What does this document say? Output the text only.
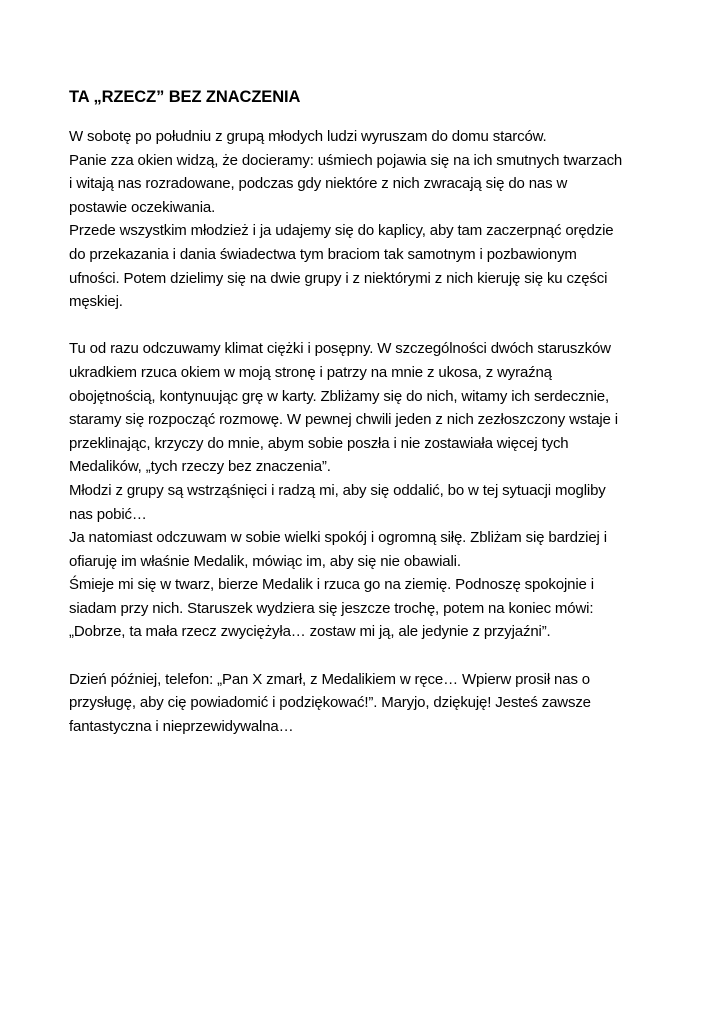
TA „RZECZ” BEZ ZNACZENIA
W sobotę po południu z grupą młodych ludzi wyruszam do domu starców.
Panie zza okien widzą, że docieramy: uśmiech pojawia się na ich smutnych twarzach
i witają nas rozradowane, podczas gdy niektóre z nich zwracają się do nas w
postawie oczekiwania.
Przede wszystkim młodzież i ja udajemy się do kaplicy, aby tam zaczerpnąć orędzie
do przekazania i dania świadectwa tym braciom tak samotnym i pozbawionym
ufności. Potem dzielimy się na dwie grupy i z niektórymi z nich kieruję się ku części
męskiej.
Tu od razu odczuwamy klimat ciężki i posępny. W szczególności dwóch staruszków
ukradkiem rzuca okiem w moją stronę i patrzy na mnie z ukosa, z wyraźną
obojętnością, kontynuując grę w karty. Zbliżamy się do nich, witamy ich serdecznie,
staramy się rozpocząć rozmowę. W pewnej chwili jeden z nich zezłoszczony wstaje i
przeklinając, krzyczy do mnie, abym sobie poszła i nie zostawiała więcej tych
Medalików, „tych rzeczy bez znaczenia”.
Młodzi z grupy są wstrząśnięci i radzą mi, aby się oddalić, bo w tej sytuacji mogliby
nas pobić…
Ja natomiast odczuwam w sobie wielki spokój i ogromną siłę. Zbliżam się bardziej i
ofiaruję im właśnie Medalik, mówiąc im, aby się nie obawiali.
Śmieje mi się w twarz, bierze Medalik i rzuca go na ziemię. Podnoszę spokojnie i
siadam przy nich. Staruszek wydziera się jeszcze trochę, potem na koniec mówi:
„Dobrze, ta mała rzecz zwyciężyła… zostaw mi ją, ale jedynie z przyjaźni”.
Dzień później, telefon: „Pan X zmarł, z Medalikiem w ręce… Wpierw prosił nas o
przysługę, aby cię powiadomić i podziękować!”. Maryjo, dziękuję! Jesteś zawsze
fantastyczna i nieprzewidywalna…
